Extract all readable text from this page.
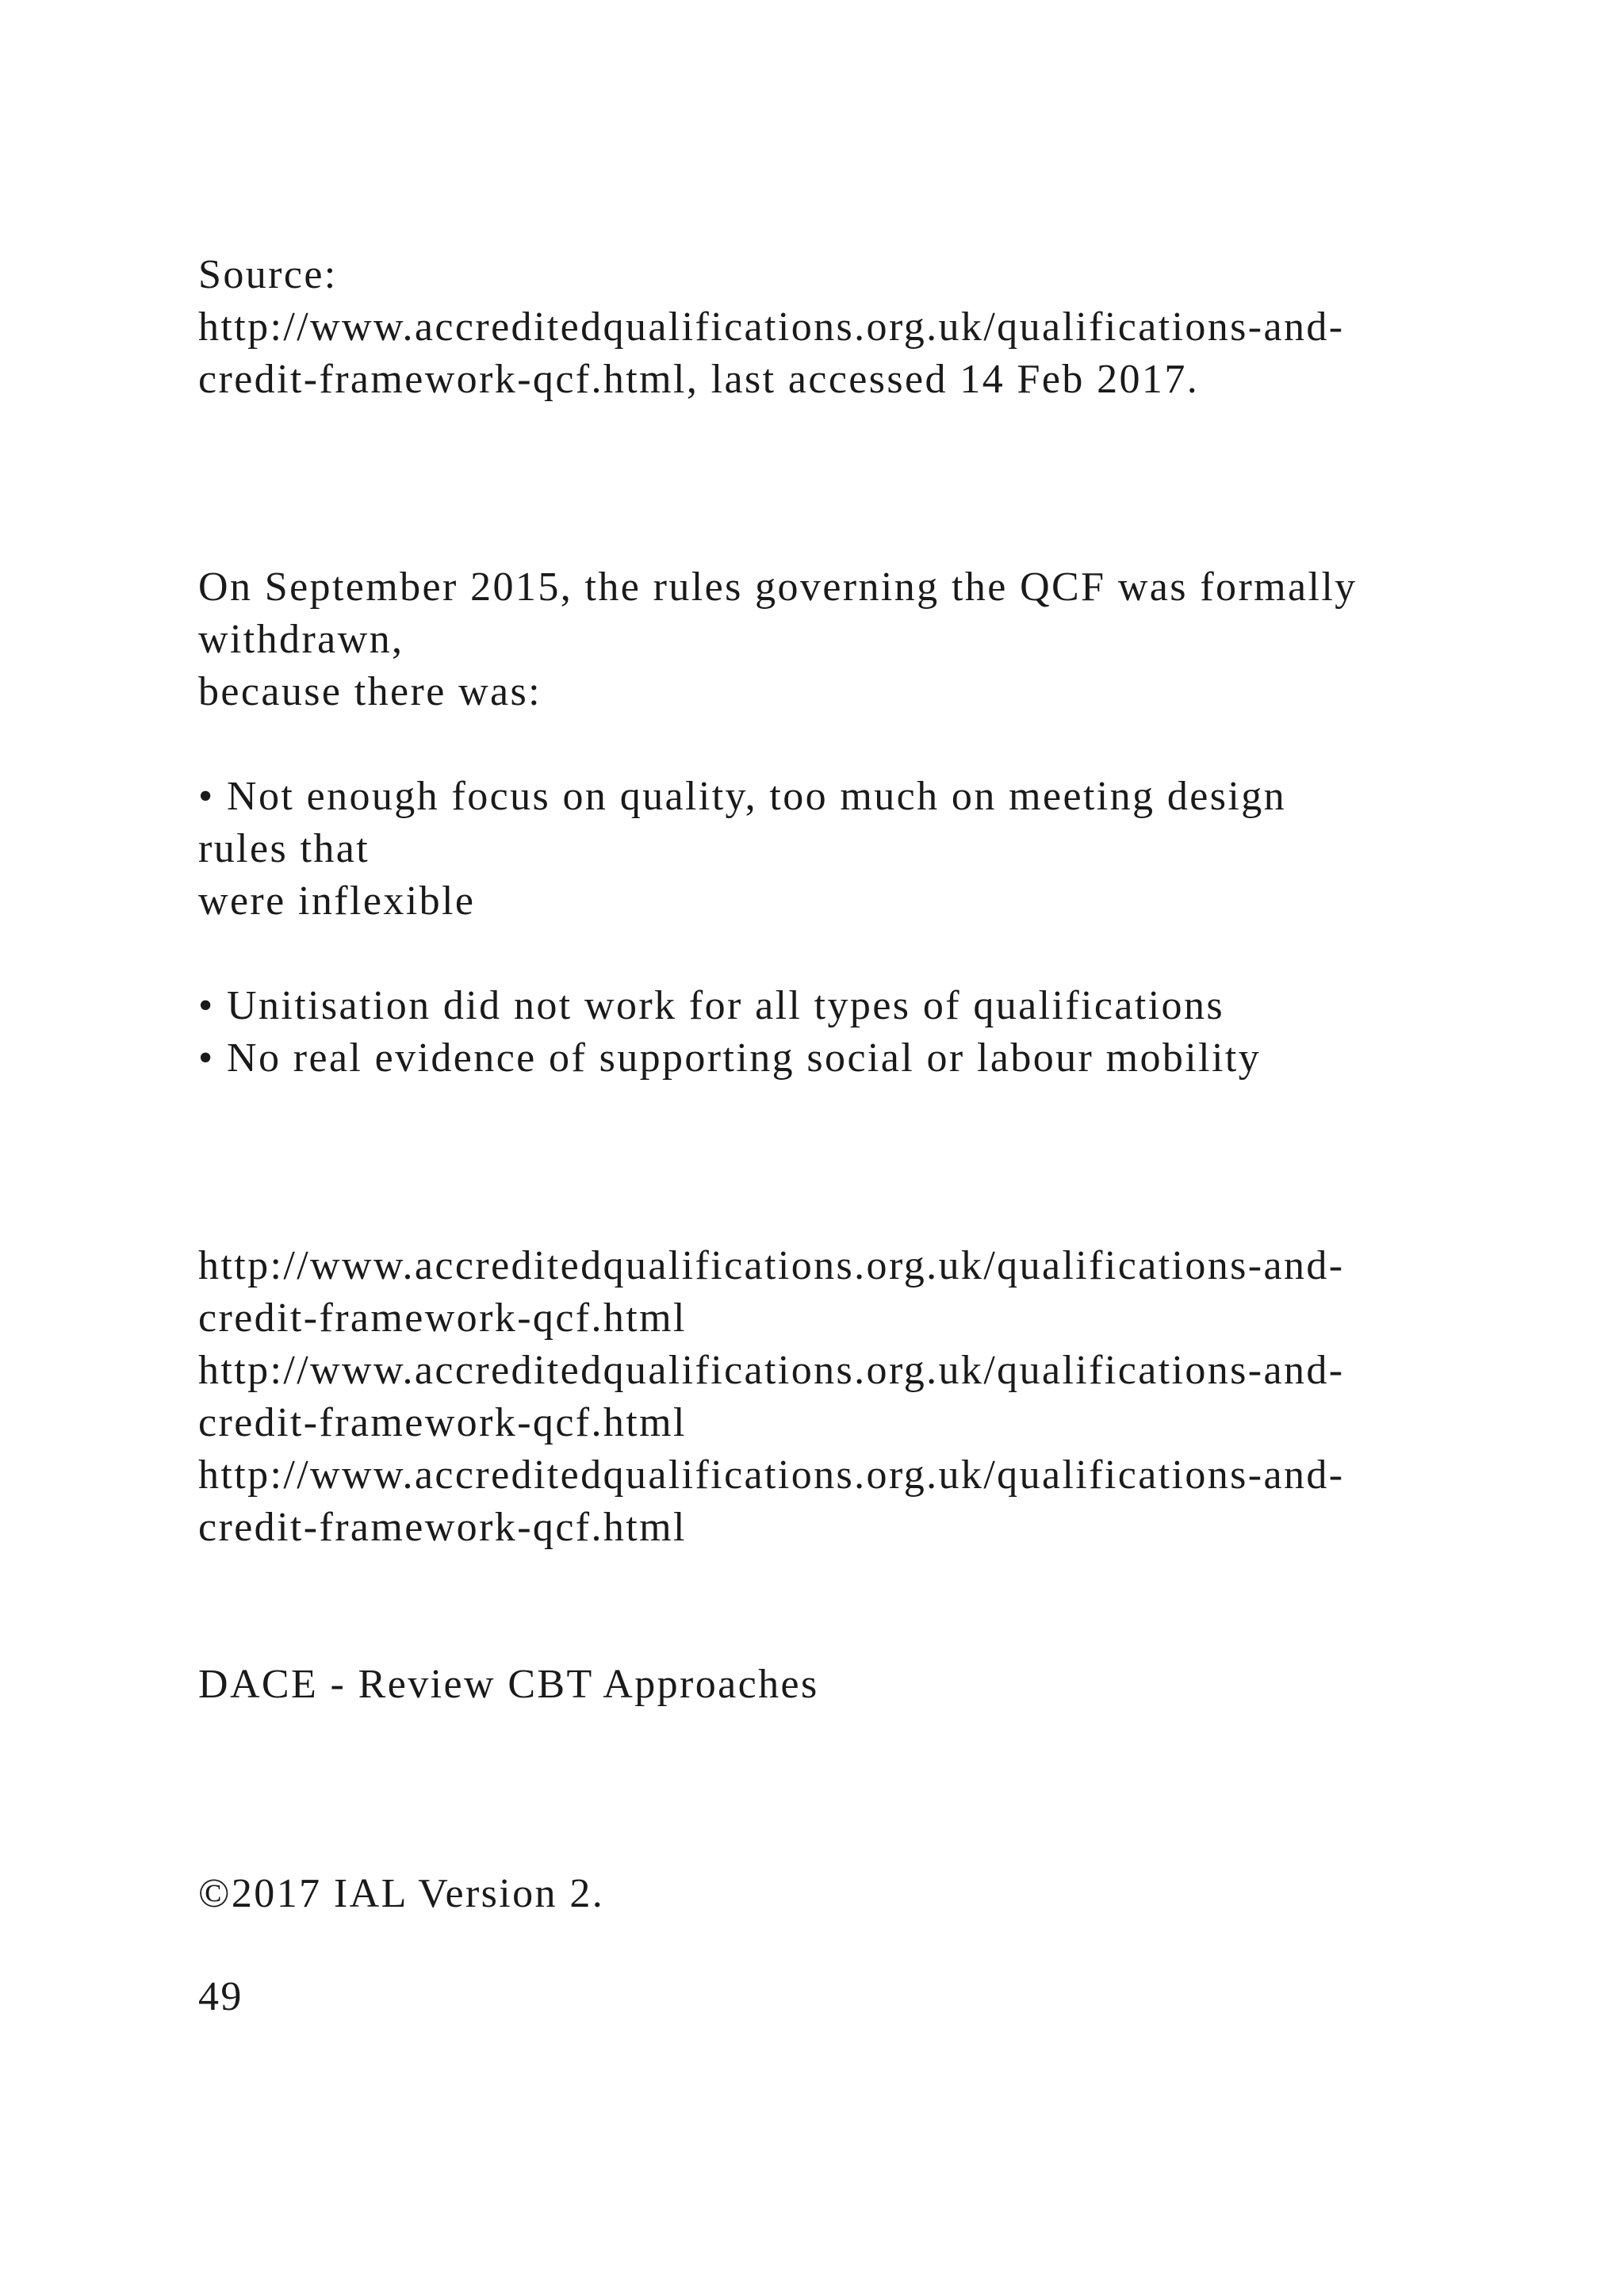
Source:

http://www.accreditedqualifications.org.uk/qualifications-and-

credit-framework-qcf.html, last accessed 14 Feb 2017.

On September 2015, the rules governing the QCF was formally

withdrawn,

because there was:

• Not enough focus on quality, too much on meeting design

rules that

were inflexible

• Unitisation did not work for all types of qualifications

• No real evidence of supporting social or labour mobility

http://www.accreditedqualifications.org.uk/qualifications-and-

credit-framework-qcf.html

http://www.accreditedqualifications.org.uk/qualifications-and-

credit-framework-qcf.html

http://www.accreditedqualifications.org.uk/qualifications-and-

credit-framework-qcf.html

DACE - Review CBT Approaches

©2017 IAL Version 2.

49
